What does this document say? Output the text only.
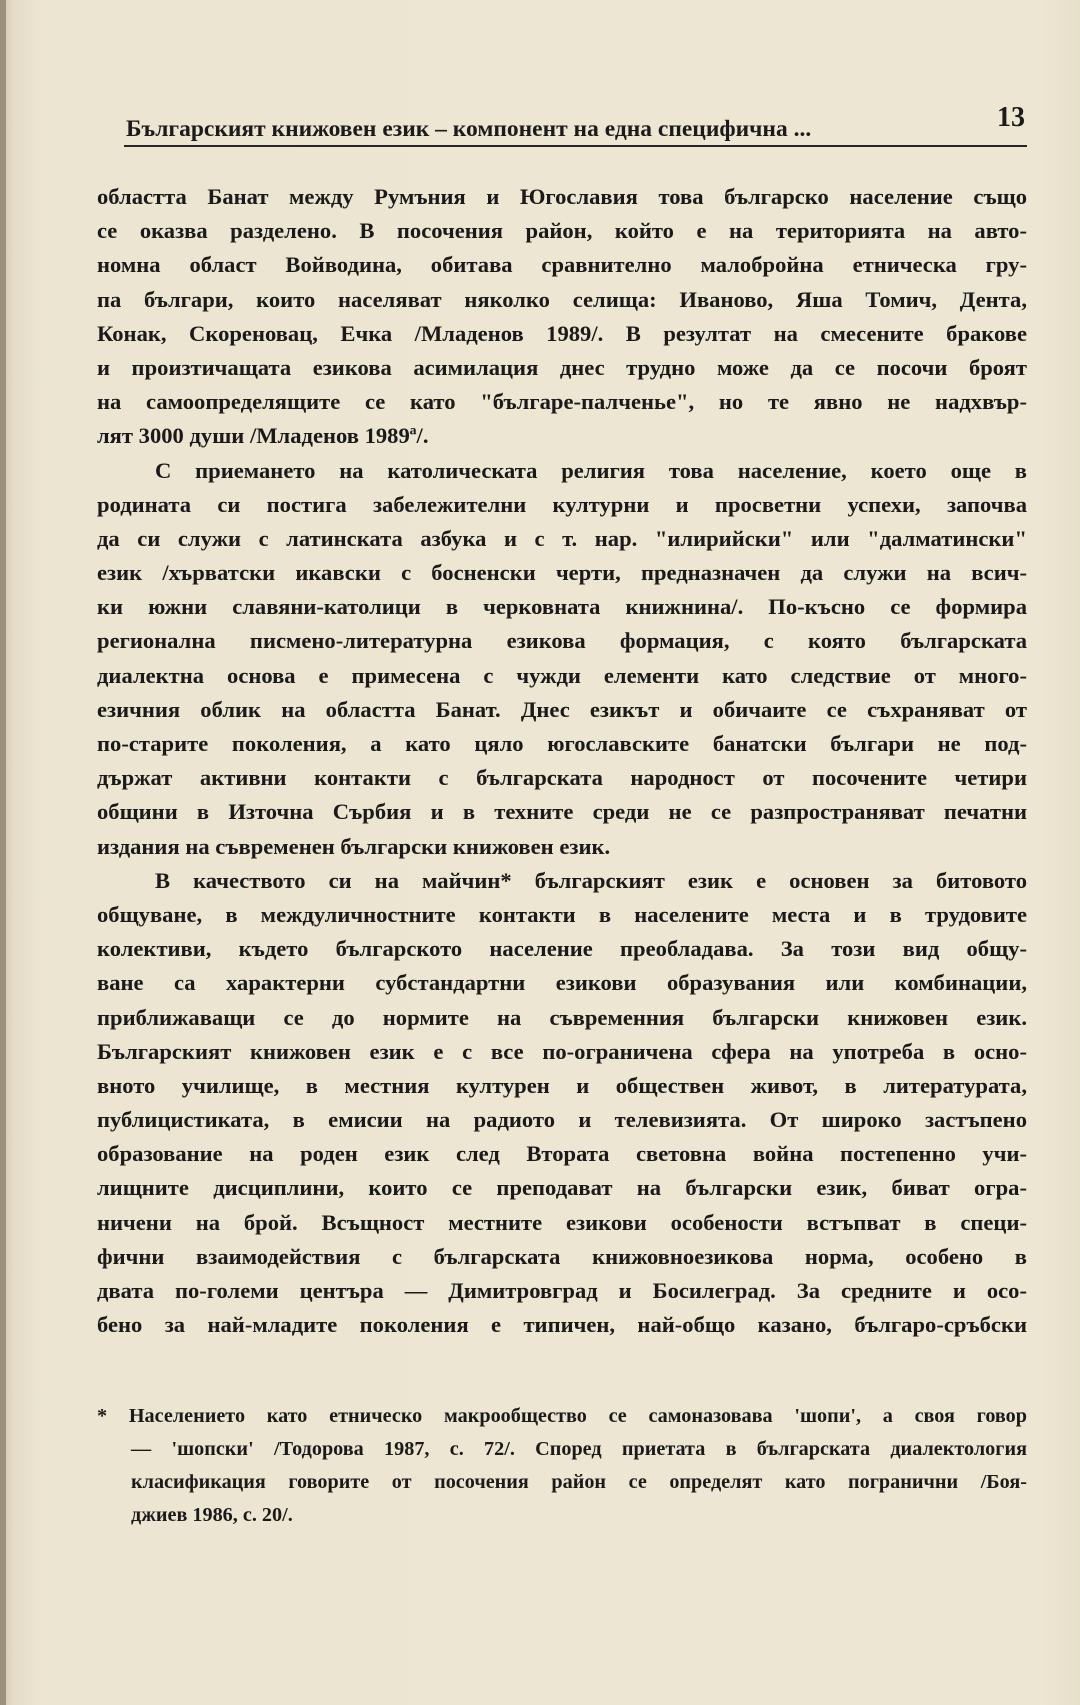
Българският книжовен език – компонент на една специфична ...	13
областта Банат между Румъния и Югославия това българско население също
се оказва разделено. В посочения район, който е на територията на авто-
номна област Войводина, обитава сравнително малобройна етническа гру-
па българи, които населяват няколко селища: Иваново, Яша Томич, Дента,
Конак, Скореновац, Ечка /Младенов 1989/. В резултат на смесените бракове
и произтичащата езикова асимилация днес трудно може да се посочи броят
на самоопределящите се като "българе-палченьe", но те явно не надхвър-
лят 3000 души /Младенов 1989ª/.
С приемането на католическата религия това население, което още в
родината си постига забележителни културни и просветни успехи, започва
да си служи с латинската азбука и с т. нар. "илирийски" или "далматински"
език /хърватски икавски с босненски черти, предназначен да служи на всич-
ки южни славяни-католици в черковната книжнина/. По-късно се формира
регионална писмено-литературна езикова формация, с която българската
диалектна основа е примесена с чужди елементи като следствие от много-
езичния облик на областта Банат. Днес езикът и обичаите се съхраняват от
по-старите поколения, а като цяло югославските банатски българи не под-
държат активни контакти с българската народност от посочените четири
общини в Източна Сърбия и в техните среди не се разпространяват печатни
издания на съвременен български книжовен език.
В качеството си на майчин* българският език е основен за битовото
общуване, в междуличностните контакти в населените места и в трудовите
колективи, където българското население преобладава. За този вид общу-
ване са характерни субстандартни езикови образувания или комбинации,
приближаващи се до нормите на съвременния български книжовен език.
Българският книжовен език е с все по-ограничена сфера на употреба в осно-
вното училище, в местния културен и обществен живот, в литературата,
публицистиката, в емисии на радиото и телевизията. От широко застъпено
образование на роден език след Втората световна война постепенно учи-
лищните дисциплини, които се преподават на български език, биват огра-
ничени на брой. Всъщност местните езикови особености встъпват в специ-
фични взаимодействия с българската книжовноезикова норма, особено в
двата по-големи центъра — Димитровград и Босилеград. За средните и осо-
бено за най-младите поколения е типичен, най-общо казано, българо-сръбски
* Населението като етническо макрообщество се самоназовава 'шопи', а своя говор
— 'шопски' /Тодорова 1987, с. 72/. Според приетата в българската диалектология
класификация говорите от посочения район се определят като погранични /Боя-
джиев 1986, с. 20/.
